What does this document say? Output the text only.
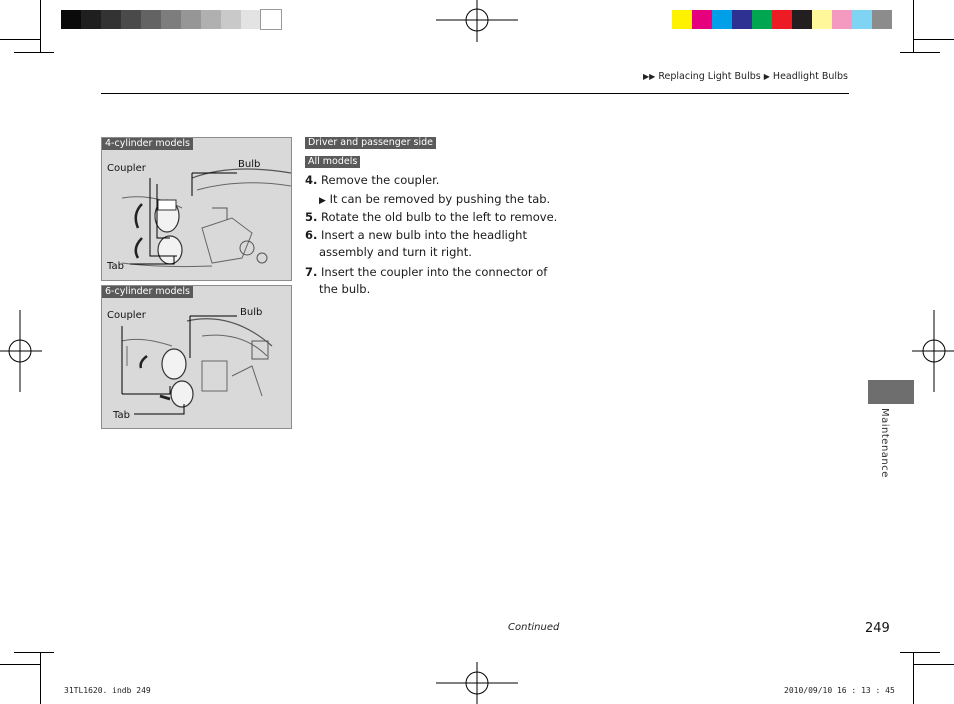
▶▶ Replacing Light Bulbs ▶ Headlight Bulbs
4-cylinder models
Coupler	Bulb
Tab
6-cylinder models
Coupler	Bulb
Tab
Driver and passenger side
All models
4. Remove the coupler.
▶ It can be removed by pushing the tab.
5. Rotate the old bulb to the left to remove.
6. Insert a new bulb into the headlight
assembly and turn it right.
7. Insert the coupler into the connector of
the bulb.
Maintenance
Continued	249
31TL1620. indb 249	2010/09/10 16 : 13 : 45
